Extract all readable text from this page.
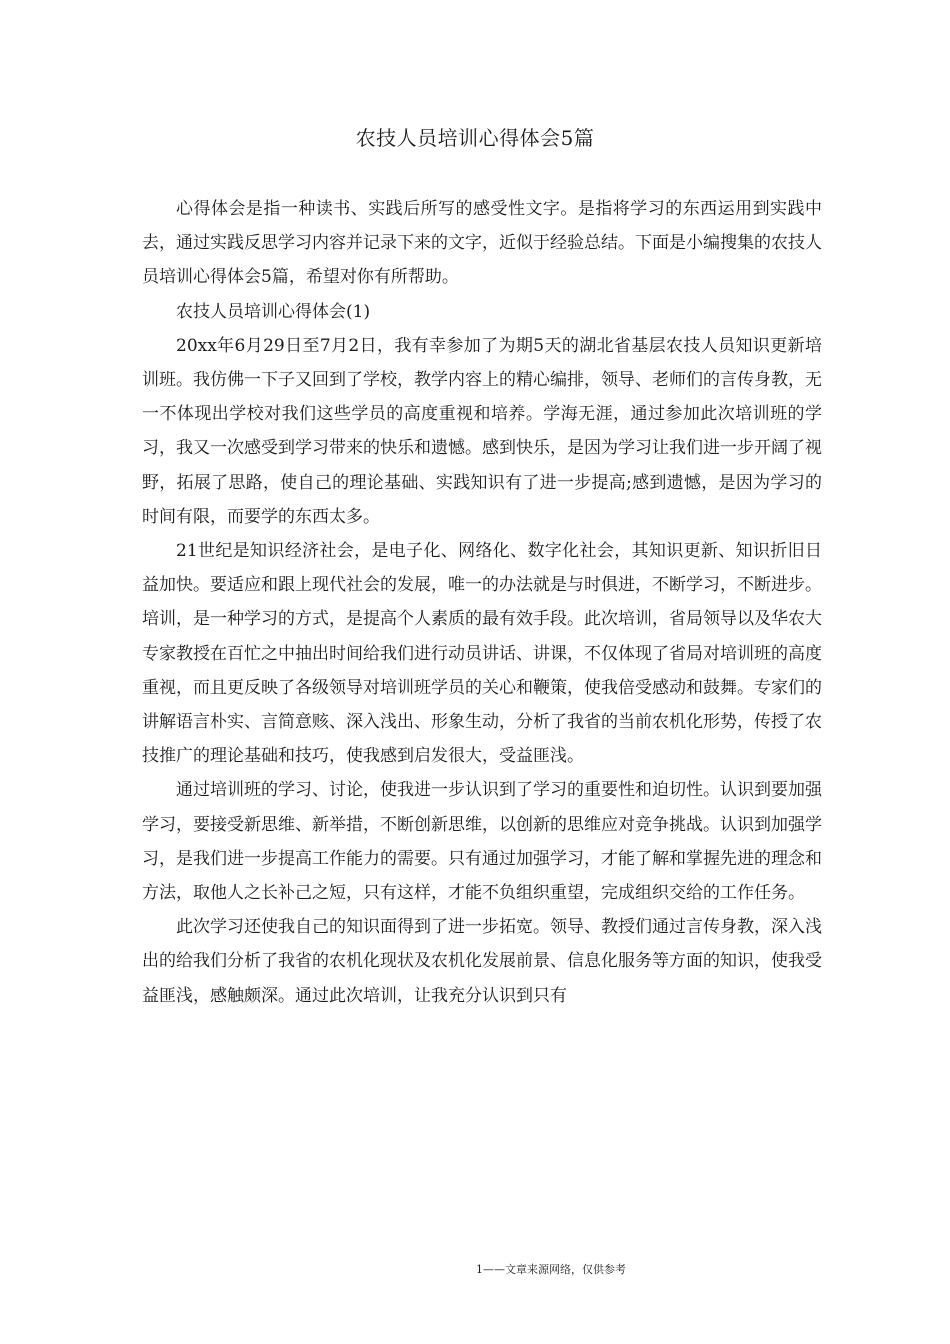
农技人员培训心得体会5篇

心得体会是指一种读书、实践后所写的感受性文字。是指将学习的东西运用到实践中去，通过实践反思学习内容并记录下来的文字，近似于经验总结。下面是小编搜集的农技人员培训心得体会5篇，希望对你有所帮助。

农技人员培训心得体会(1)

20xx年6月29日至7月2日，我有幸参加了为期5天的湖北省基层农技人员知识更新培训班。我仿佛一下子又回到了学校，教学内容上的精心编排，领导、老师们的言传身教，无一不体现出学校对我们这些学员的高度重视和培养。学海无涯，通过参加此次培训班的学习，我又一次感受到学习带来的快乐和遗憾。感到快乐，是因为学习让我们进一步开阔了视野，拓展了思路，使自己的理论基础、实践知识有了进一步提高;感到遗憾，是因为学习的时间有限，而要学的东西太多。

21世纪是知识经济社会，是电子化、网络化、数字化社会，其知识更新、知识折旧日益加快。要适应和跟上现代社会的发展，唯一的办法就是与时俱进，不断学习，不断进步。培训，是一种学习的方式，是提高个人素质的最有效手段。此次培训，省局领导以及华农大专家教授在百忙之中抽出时间给我们进行动员讲话、讲课，不仅体现了省局对培训班的高度重视，而且更反映了各级领导对培训班学员的关心和鞭策，使我倍受感动和鼓舞。专家们的讲解语言朴实、言简意赅、深入浅出、形象生动，分析了我省的当前农机化形势，传授了农技推广的理论基础和技巧，使我感到启发很大，受益匪浅。

通过培训班的学习、讨论，使我进一步认识到了学习的重要性和迫切性。认识到要加强学习，要接受新思维、新举措，不断创新思维，以创新的思维应对竞争挑战。认识到加强学习，是我们进一步提高工作能力的需要。只有通过加强学习，才能了解和掌握先进的理念和方法，取他人之长补己之短，只有这样，才能不负组织重望，完成组织交给的工作任务。

此次学习还使我自己的知识面得到了进一步拓宽。领导、教授们通过言传身教，深入浅出的给我们分析了我省的农机化现状及农机化发展前景、信息化服务等方面的知识，使我受益匪浅，感触颇深。通过此次培训，让我充分认识到只有

1——文章来源网络，仅供参考
